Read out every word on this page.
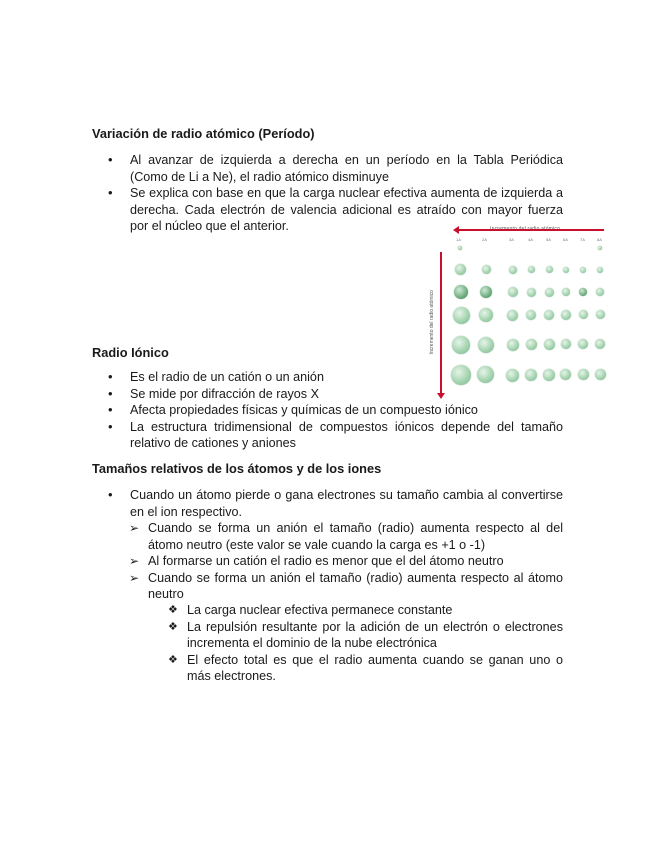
Variación de radio atómico (Período)
• Al avanzar de izquierda a derecha en un período en la Tabla Periódica (Como de Li a Ne), el radio atómico disminuye
• Se explica con base en que la carga nuclear efectiva aumenta de izquierda a derecha. Cada electrón de valencia adicional es atraído con mayor fuerza por el núcleo que el anterior.
Incremento del radio atómico
1A	2A	3A	4A	5A	6A	7A	8A
Radio Iónico
• Es el radio de un catión o un anión
• Se mide por difracción de rayos X
• Afecta propiedades físicas y químicas de un compuesto iónico
• La estructura tridimensional de compuestos iónicos depende del tamaño relativo de cationes y aniones
Tamaños relativos de los átomos y de los iones
• Cuando un átomo pierde o gana electrones su tamaño cambia al convertirse en el ion respectivo.
➢ Cuando se forma un anión el tamaño (radio) aumenta respecto al del átomo neutro (este valor se vale cuando la carga es +1 o -1)
➢ Al formarse un catión el radio es menor que el del átomo neutro
➢ Cuando se forma un anión el tamaño (radio) aumenta respecto al átomo neutro
❖ La carga nuclear efectiva permanece constante
❖ La repulsión resultante por la adición de un electrón o electrones incrementa el dominio de la nube electrónica
❖ El efecto total es que el radio aumenta cuando se ganan uno o más electrones.
